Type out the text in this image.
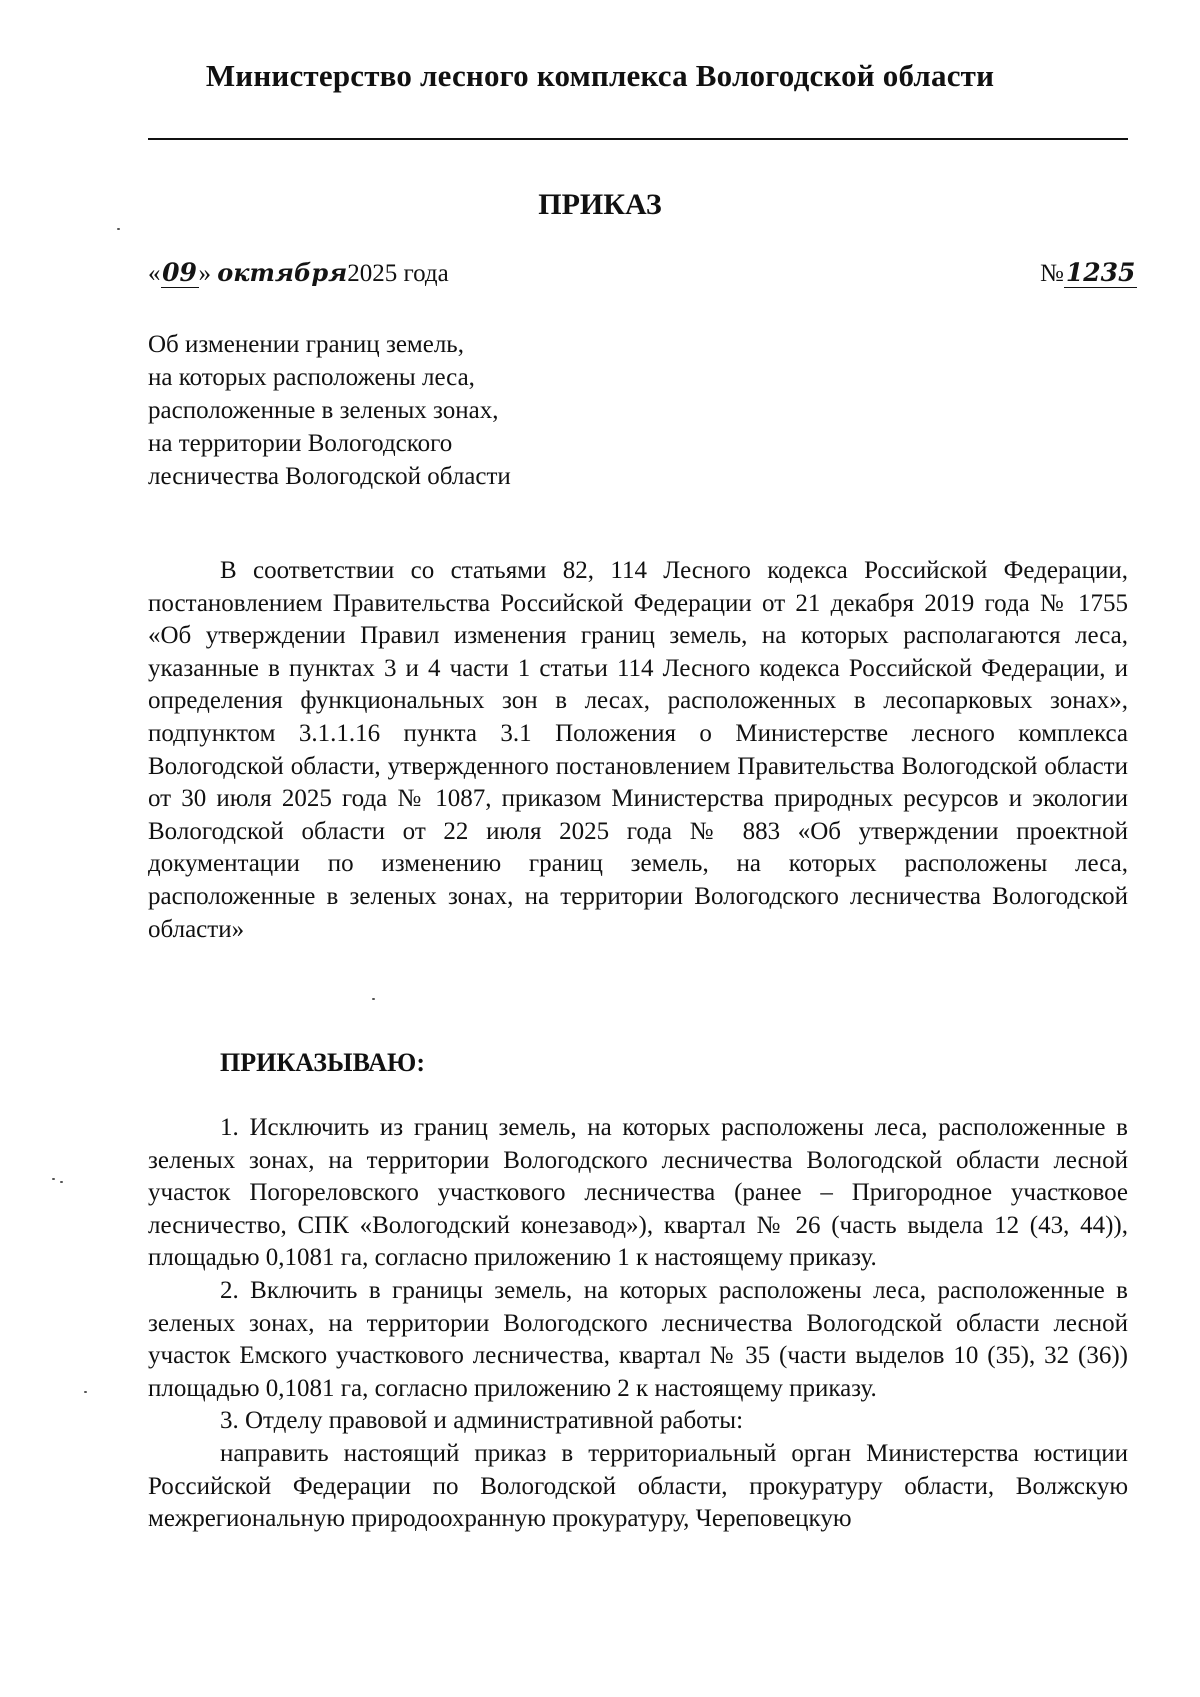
Министерство лесного комплекса Вологодской области
ПРИКАЗ
«09» октября2025 года	№1235
Об изменении границ земель,
на которых расположены леса,
расположенные в зеленых зонах,
на территории Вологодского
лесничества Вологодской области

В соответствии со статьями 82, 114 Лесного кодекса Российской Федерации, постановлением Правительства Российской Федерации от 21 декабря 2019 года № 1755 «Об утверждении Правил изменения границ земель, на которых располагаются леса, указанные в пунктах 3 и 4 части 1 статьи 114 Лесного кодекса Российской Федерации, и определения функциональных зон в лесах, расположенных в лесопарковых зонах», подпунктом 3.1.1.16 пункта 3.1 Положения о Министерстве лесного комплекса Вологодской области, утвержденного постановлением Правительства Вологодской области от 30 июля 2025 года № 1087, приказом Министерства природных ресурсов и экологии Вологодской области от 22 июля 2025 года № 883 «Об утверждении проектной документации по изменению границ земель, на которых расположены леса, расположенные в зеленых зонах, на территории Вологодского лесничества Вологодской области»

ПРИКАЗЫВАЮ:

1. Исключить из границ земель, на которых расположены леса, расположенные в зеленых зонах, на территории Вологодского лесничества Вологодской области лесной участок Погореловского участкового лесничества (ранее – Пригородное участковое лесничество, СПК «Вологодский конезавод»), квартал № 26 (часть выдела 12 (43, 44)), площадью 0,1081 га, согласно приложению 1 к настоящему приказу.

2. Включить в границы земель, на которых расположены леса, расположенные в зеленых зонах, на территории Вологодского лесничества Вологодской области лесной участок Емского участкового лесничества, квартал № 35 (части выделов 10 (35), 32 (36)) площадью 0,1081 га, согласно приложению 2 к настоящему приказу.

3. Отделу правовой и административной работы:

направить настоящий приказ в территориальный орган Министерства юстиции Российской Федерации по Вологодской области, прокуратуру области, Волжскую межрегиональную природоохранную прокуратуру, Череповецкую
